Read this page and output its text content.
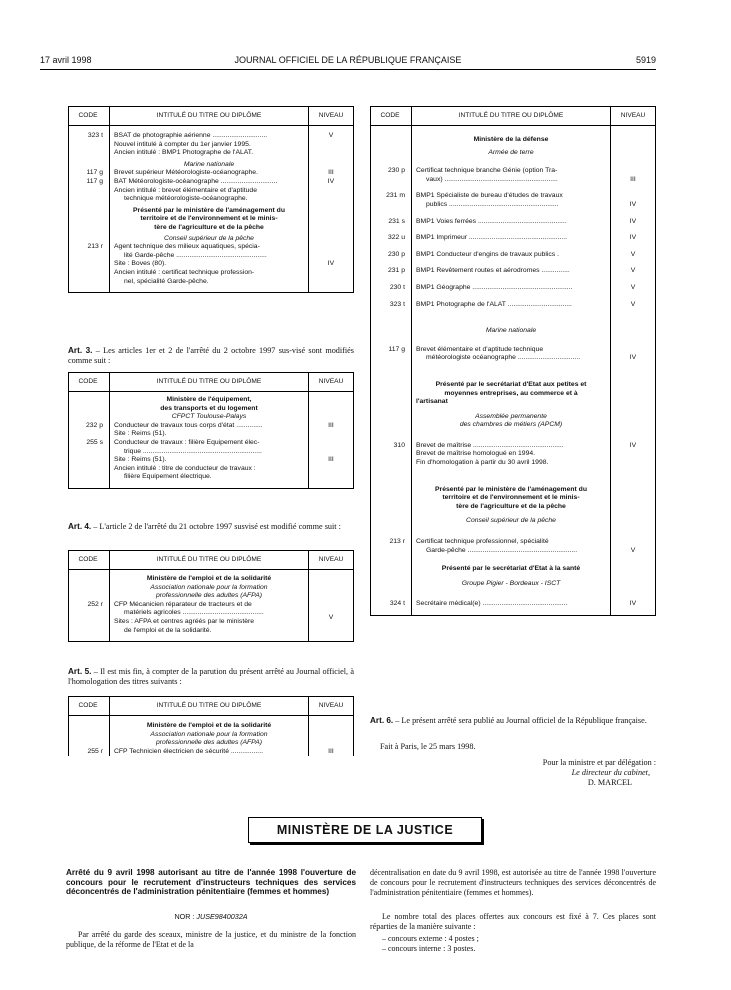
17 avril 1998	JOURNAL OFFICIEL DE LA RÉPUBLIQUE FRANÇAISE	5919
CODE	INTITULÉ DU TITRE OU DIPLÔME	NIVEAU

323 t	BSAT de photographie aérienne .............................
Nouvel intitulé à compter du 1er janvier 1995.
Ancien intitulé : BMP1 Photographe de l'ALAT.	V
	Marine nationale	
117 g	Brevet supérieur Météorologiste-océanographe.	III
117 g	BAT Météorologiste-océanographe ..............................
Ancien intitulé : brevet élémentaire et d'aptitude
technique météorologiste-océanographe.	IV

	Présenté par le ministère de l'aménagement du
territoire et de l'environnement et le minis-
tère de l'agriculture et de la pêche	

	Conseil supérieur de la pêche	
213 r	Agent technique des milieux aquatiques, spécia-
lité Garde-pêche ................................................
Site : Boves (80).
Ancien intitulé : certificat technique profession-
nel, spécialité Garde-pêche.	IV

Art. 3. – Les articles 1er et 2 de l'arrêté du 2 octobre 1997 sus-visé sont modifiés comme suit :
CODE	INTITULÉ DU TITRE OU DIPLÔME	NIVEAU

	Ministère de l'équipement,
des transports et du logement	

	CFPCT Toulouse-Palays	
232 p	Conducteur de travaux tous corps d'état ..............
Site : Reims (51).	III
255 s	Conducteur de travaux : filière Equipement élec-
trique ...............................................................
Site : Reims (51).
Ancien intitulé : titre de conducteur de travaux :
filière Equipement électrique.	III

Art. 4. – L'article 2 de l'arrêté du 21 octobre 1997 susvisé est modifié comme suit :
CODE	INTITULÉ DU TITRE OU DIPLÔME	NIVEAU
	Ministère de l'emploi et de la solidarité	

	Association nationale pour la formation
professionnelle des adultes (AFPA)	

252 r	CFP Mécanicien réparateur de tracteurs et de
matériels agricoles ...........................................
Sites : AFPA et centres agréés par le ministère
de l'emploi et de la solidarité.	V

Art. 5. – Il est mis fin, à compter de la parution du présent arrêté au Journal officiel, à l'homologation des titres suivants :
CODE	INTITULÉ DU TITRE OU DIPLÔME	NIVEAU
	Ministère de l'emploi et de la solidarité	

	Association nationale pour la formation
professionnelle des adultes (AFPA)	

255 r	CFP Technicien électricien de sécurité .................	III
CODE	INTITULÉ DU TITRE OU DIPLÔME	NIVEAU
	Ministère de la défense	
	Armée de terre	
230 p	Certificat technique branche Génie (option Tra-
vaux) ............................................................	III
231 m	BMP1 Spécialiste de bureau d'études de travaux
publics ..........................................................	IV
231 s	BMP1 Voies ferrées ...............................................	IV
322 u	BMP1 Imprimeur ....................................................	IV
230 p	BMP1 Conducteur d'engins de travaux publics .	V
231 p	BMP1 Revêtement routes et aérodromes ...............	V
230 t	BMP1 Géographe .....................................................	V
323 t	BMP1 Photographe de l'ALAT ..................................	V
	Marine nationale	
117 g	Brevet élémentaire et d'aptitude technique
météorologiste océanographe .................................	IV

	Présenté par le secrétariat d'Etat aux petites et
moyennes entreprises, au commerce et à
l'artisanat	

	Assemblée permanente
des chambres de métiers (APCM)	

310	Brevet de maîtrise ................................................
Brevet de maîtrise homologué en 1994.
Fin d'homologation à partir du 30 avril 1998.	IV

	Présenté par le ministère de l'aménagement du
territoire et de l'environnement et le minis-
tère de l'agriculture et de la pêche	

	Conseil supérieur de la pêche	
213 r	Certificat technique professionnel, spécialité
Garde-pêche ..........................................................	V
	Présenté par le secrétariat d'Etat à la santé	
	Groupe Pigier - Bordeaux - ISCT	
324 t	Secrétaire médical(e) .............................................	IV

Art. 6. – Le présent arrêté sera publié au Journal officiel de la République française.
Fait à Paris, le 25 mars 1998.
Pour la ministre et par délégation :
Le directeur du cabinet,
D. MARCEL
MINISTÈRE DE LA JUSTICE
Arrêté du 9 avril 1998 autorisant au titre de l'année 1998 l'ouverture de concours pour le recrutement d'instructeurs techniques des services déconcentrés de l'administration pénitentiaire (femmes et hommes)
NOR : JUSE9840032A
Par arrêté du garde des sceaux, ministre de la justice, et du ministre de la fonction publique, de la réforme de l'Etat et de la
décentralisation en date du 9 avril 1998, est autorisée au titre de l'année 1998 l'ouverture de concours pour le recrutement d'instructeurs techniques des services déconcentrés de l'administration pénitentiaire (femmes et hommes).
Le nombre total des places offertes aux concours est fixé à 7. Ces places sont réparties de la manière suivante :
– concours externe : 4 postes ;
– concours interne : 3 postes.
